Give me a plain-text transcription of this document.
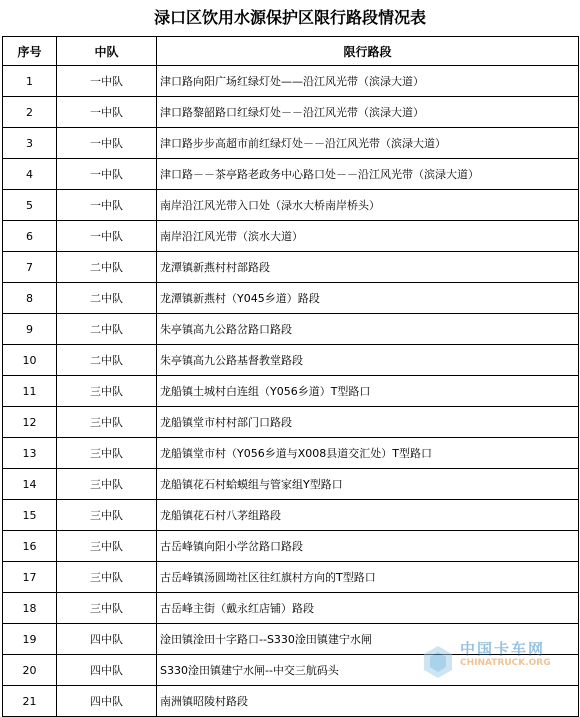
渌口区饮用水源保护区限行路段情况表
序号	中队	限行路段
1	一中队	津口路向阳广场红绿灯处——沿江风光带（滨渌大道）
2	一中队	津口路黎韶路口红绿灯处－－沿江风光带（滨渌大道）
3	一中队	津口路步步高超市前红绿灯处－－沿江风光带（滨渌大道）
4	一中队	津口路－－茶亭路老政务中心路口处－－沿江风光带（滨渌大道）
5	一中队	南岸沿江风光带入口处（渌水大桥南岸桥头）
6	一中队	南岸沿江风光带（滨水大道）
7	二中队	龙潭镇新燕村村部路段
8	二中队	龙潭镇新燕村（Y045乡道）路段
9	二中队	朱亭镇高九公路岔路口路段
10	二中队	朱亭镇高九公路基督教堂路段
11	三中队	龙船镇土城村白连组（Y056乡道）T型路口
12	三中队	龙船镇堂市村村部门口路段
13	三中队	龙船镇堂市村（Y056乡道与X008县道交汇处）T型路口
14	三中队	龙船镇花石村蛤蟆组与管家组Y型路口
15	三中队	龙船镇花石村八茅组路段
16	三中队	古岳峰镇向阳小学岔路口路段
17	三中队	古岳峰镇汤圆坳社区往红旗村方向的T型路口
18	三中队	古岳峰主街（戴永红店铺）路段
19	四中队	淦田镇淦田十字路口--S330淦田镇建宁水闸
20	四中队	S330淦田镇建宁水闸--中交三航码头
21	四中队	南洲镇昭陵村路段
中国卡车网
CHINATRUCK.ORG
